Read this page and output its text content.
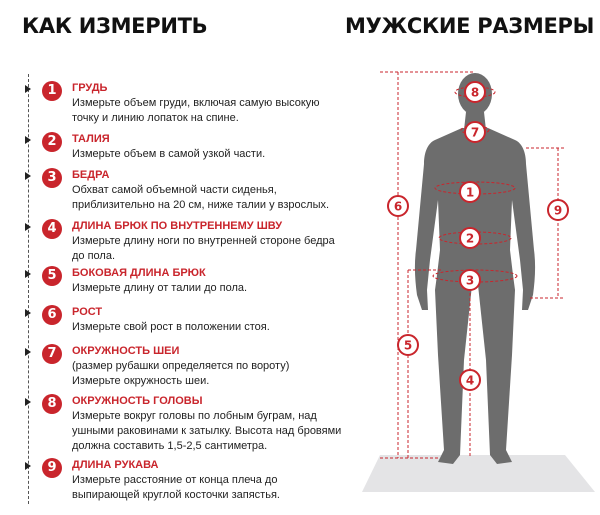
КАК ИЗМЕРИТЬ	МУЖСКИЕ РАЗМЕРЫ
1	ГРУДЬ
Измерьте объем груди, включая самую высокую
точку и линию лопаток на спине.
2	ТАЛИЯ
Измерьте объем в самой узкой части.
3	БЕДРА
Обхват самой объемной части сиденья,
приблизительно на 20 см, ниже талии у взрослых.
4	ДЛИНА БРЮК ПО ВНУТРЕННЕМУ ШВУ
Измерьте длину ноги по внутренней стороне бедра
до пола.
5	БОКОВАЯ ДЛИНА БРЮК
Измерьте длину от талии до пола.
6	РОСТ
Измерьте свой рост в положении стоя.
7	ОКРУЖНОСТЬ ШЕИ
(размер рубашки определяется по вороту)
Измерьте окружность шеи.
8	ОКРУЖНОСТЬ ГОЛОВЫ
Измерьте вокруг головы по лобным буграм, над
ушными раковинами к затылку. Высота над бровями
должна составить 1,5-2,5 сантиметра.
9	ДЛИНА РУКАВА
Измерьте расстояние от конца плеча до
выпирающей круглой косточки запястья.
8
7
6	9
1
2
3
5
4
